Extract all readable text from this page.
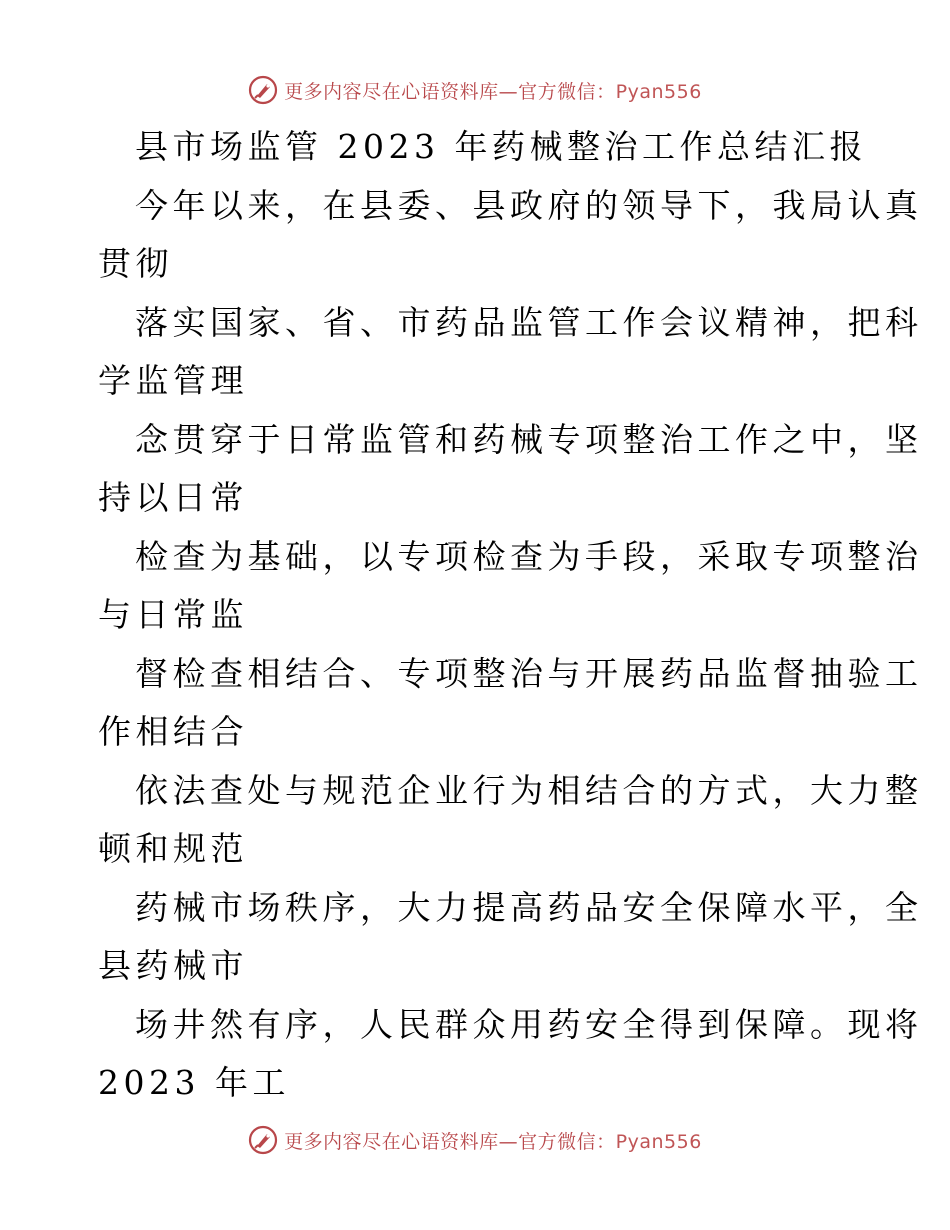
更多内容尽在心语资料库—官方微信：Pyan556
县市场监管 2023 年药械整治工作总结汇报
今年以来，在县委、县政府的领导下，我局认真
贯彻
落实国家、省、市药品监管工作会议精神，把科
学监管理
念贯穿于日常监管和药械专项整治工作之中，坚
持以日常
检查为基础，以专项检查为手段，采取专项整治
与日常监
督检查相结合、专项整治与开展药品监督抽验工
作相结合
依法查处与规范企业行为相结合的方式，大力整
顿和规范
药械市场秩序，大力提高药品安全保障水平，全
县药械市
场井然有序，人民群众用药安全得到保障。现将
2023 年工
更多内容尽在心语资料库—官方微信：Pyan556
